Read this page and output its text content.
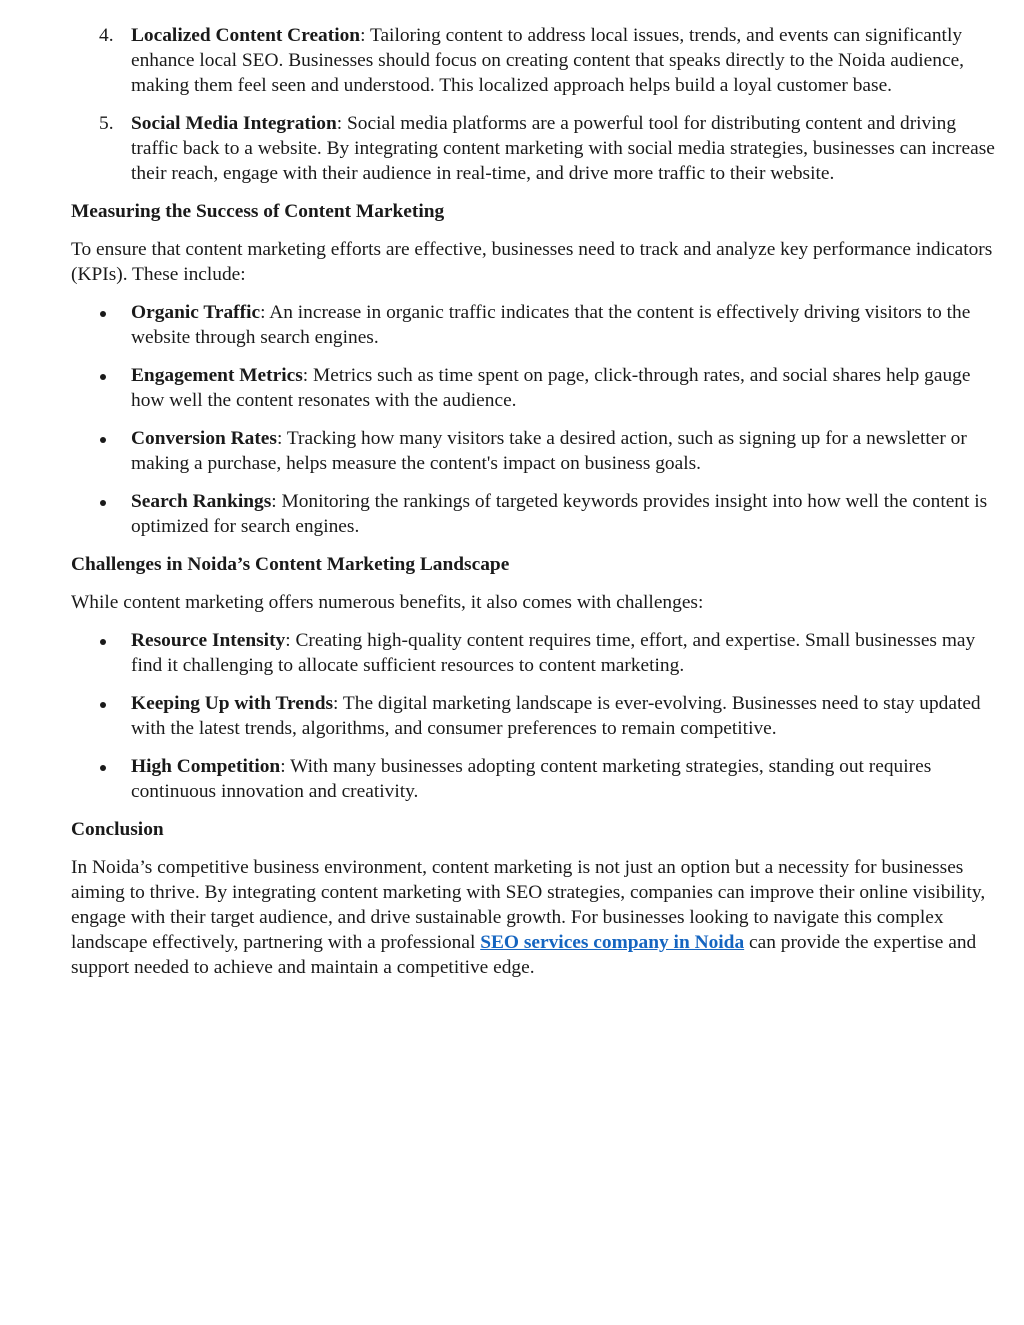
4. Localized Content Creation: Tailoring content to address local issues, trends, and events can significantly enhance local SEO. Businesses should focus on creating content that speaks directly to the Noida audience, making them feel seen and understood. This localized approach helps build a loyal customer base.
5. Social Media Integration: Social media platforms are a powerful tool for distributing content and driving traffic back to a website. By integrating content marketing with social media strategies, businesses can increase their reach, engage with their audience in real-time, and drive more traffic to their website.

Measuring the Success of Content Marketing

To ensure that content marketing efforts are effective, businesses need to track and analyze key performance indicators (KPIs). These include:

Organic Traffic: An increase in organic traffic indicates that the content is effectively driving visitors to the website through search engines.
Engagement Metrics: Metrics such as time spent on page, click-through rates, and social shares help gauge how well the content resonates with the audience.
Conversion Rates: Tracking how many visitors take a desired action, such as signing up for a newsletter or making a purchase, helps measure the content's impact on business goals.
Search Rankings: Monitoring the rankings of targeted keywords provides insight into how well the content is optimized for search engines.

Challenges in Noida’s Content Marketing Landscape

While content marketing offers numerous benefits, it also comes with challenges:

Resource Intensity: Creating high-quality content requires time, effort, and expertise. Small businesses may find it challenging to allocate sufficient resources to content marketing.
Keeping Up with Trends: The digital marketing landscape is ever-evolving. Businesses need to stay updated with the latest trends, algorithms, and consumer preferences to remain competitive.
High Competition: With many businesses adopting content marketing strategies, standing out requires continuous innovation and creativity.

Conclusion

In Noida’s competitive business environment, content marketing is not just an option but a necessity for businesses aiming to thrive. By integrating content marketing with SEO strategies, companies can improve their online visibility, engage with their target audience, and drive sustainable growth. For businesses looking to navigate this complex landscape effectively, partnering with a professional SEO services company in Noida can provide the expertise and support needed to achieve and maintain a competitive edge.
